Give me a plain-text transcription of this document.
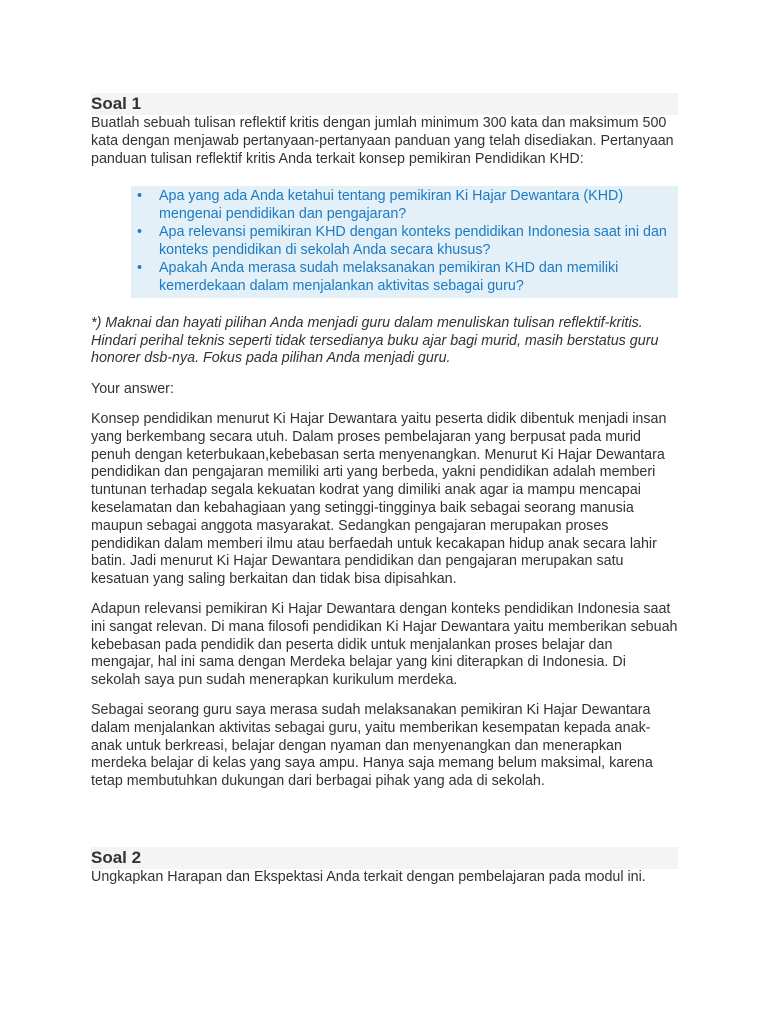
Soal 1

Buatlah sebuah tulisan reflektif kritis dengan jumlah minimum 300 kata dan maksimum 500 kata dengan menjawab pertanyaan-pertanyaan panduan yang telah disediakan. Pertanyaan panduan tulisan reflektif kritis Anda terkait konsep pemikiran Pendidikan KHD:

• Apa yang ada Anda ketahui tentang pemikiran Ki Hajar Dewantara (KHD) mengenai pendidikan dan pengajaran?
• Apa relevansi pemikiran KHD dengan konteks pendidikan Indonesia saat ini dan konteks pendidikan di sekolah Anda secara khusus?
• Apakah Anda merasa sudah melaksanakan pemikiran KHD dan memiliki kemerdekaan dalam menjalankan aktivitas sebagai guru?

*) Maknai dan hayati pilihan Anda menjadi guru dalam menuliskan tulisan reflektif-kritis. Hindari perihal teknis seperti tidak tersedianya buku ajar bagi murid, masih berstatus guru honorer dsb-nya. Fokus pada pilihan Anda menjadi guru.

Your answer:

Konsep pendidikan menurut Ki Hajar Dewantara yaitu peserta didik dibentuk menjadi insan yang berkembang secara utuh. Dalam proses pembelajaran yang berpusat pada murid penuh dengan keterbukaan,kebebasan serta menyenangkan. Menurut Ki Hajar Dewantara pendidikan dan pengajaran memiliki arti yang berbeda, yakni pendidikan adalah memberi tuntunan terhadap segala kekuatan kodrat yang dimiliki anak agar ia mampu mencapai keselamatan dan kebahagiaan yang setinggi-tingginya baik sebagai seorang manusia maupun sebagai anggota masyarakat. Sedangkan pengajaran merupakan proses pendidikan dalam memberi ilmu atau berfaedah untuk kecakapan hidup anak secara lahir batin. Jadi menurut Ki Hajar Dewantara pendidikan dan pengajaran merupakan satu kesatuan yang saling berkaitan dan tidak bisa dipisahkan.

Adapun relevansi pemikiran Ki Hajar Dewantara dengan konteks pendidikan Indonesia saat ini sangat relevan. Di mana filosofi pendidikan Ki Hajar Dewantara yaitu memberikan sebuah kebebasan pada pendidik dan peserta didik untuk menjalankan proses belajar dan mengajar, hal ini sama dengan Merdeka belajar yang kini diterapkan di Indonesia. Di sekolah saya pun sudah menerapkan kurikulum merdeka.

Sebagai seorang guru saya merasa sudah melaksanakan pemikiran Ki Hajar Dewantara dalam menjalankan aktivitas sebagai guru, yaitu memberikan kesempatan kepada anak-anak untuk berkreasi, belajar dengan nyaman dan menyenangkan dan menerapkan merdeka belajar di kelas yang saya ampu. Hanya saja memang belum maksimal, karena tetap membutuhkan dukungan dari berbagai pihak yang ada di sekolah.

Soal 2

Ungkapkan Harapan dan Ekspektasi Anda terkait dengan pembelajaran pada modul ini.
